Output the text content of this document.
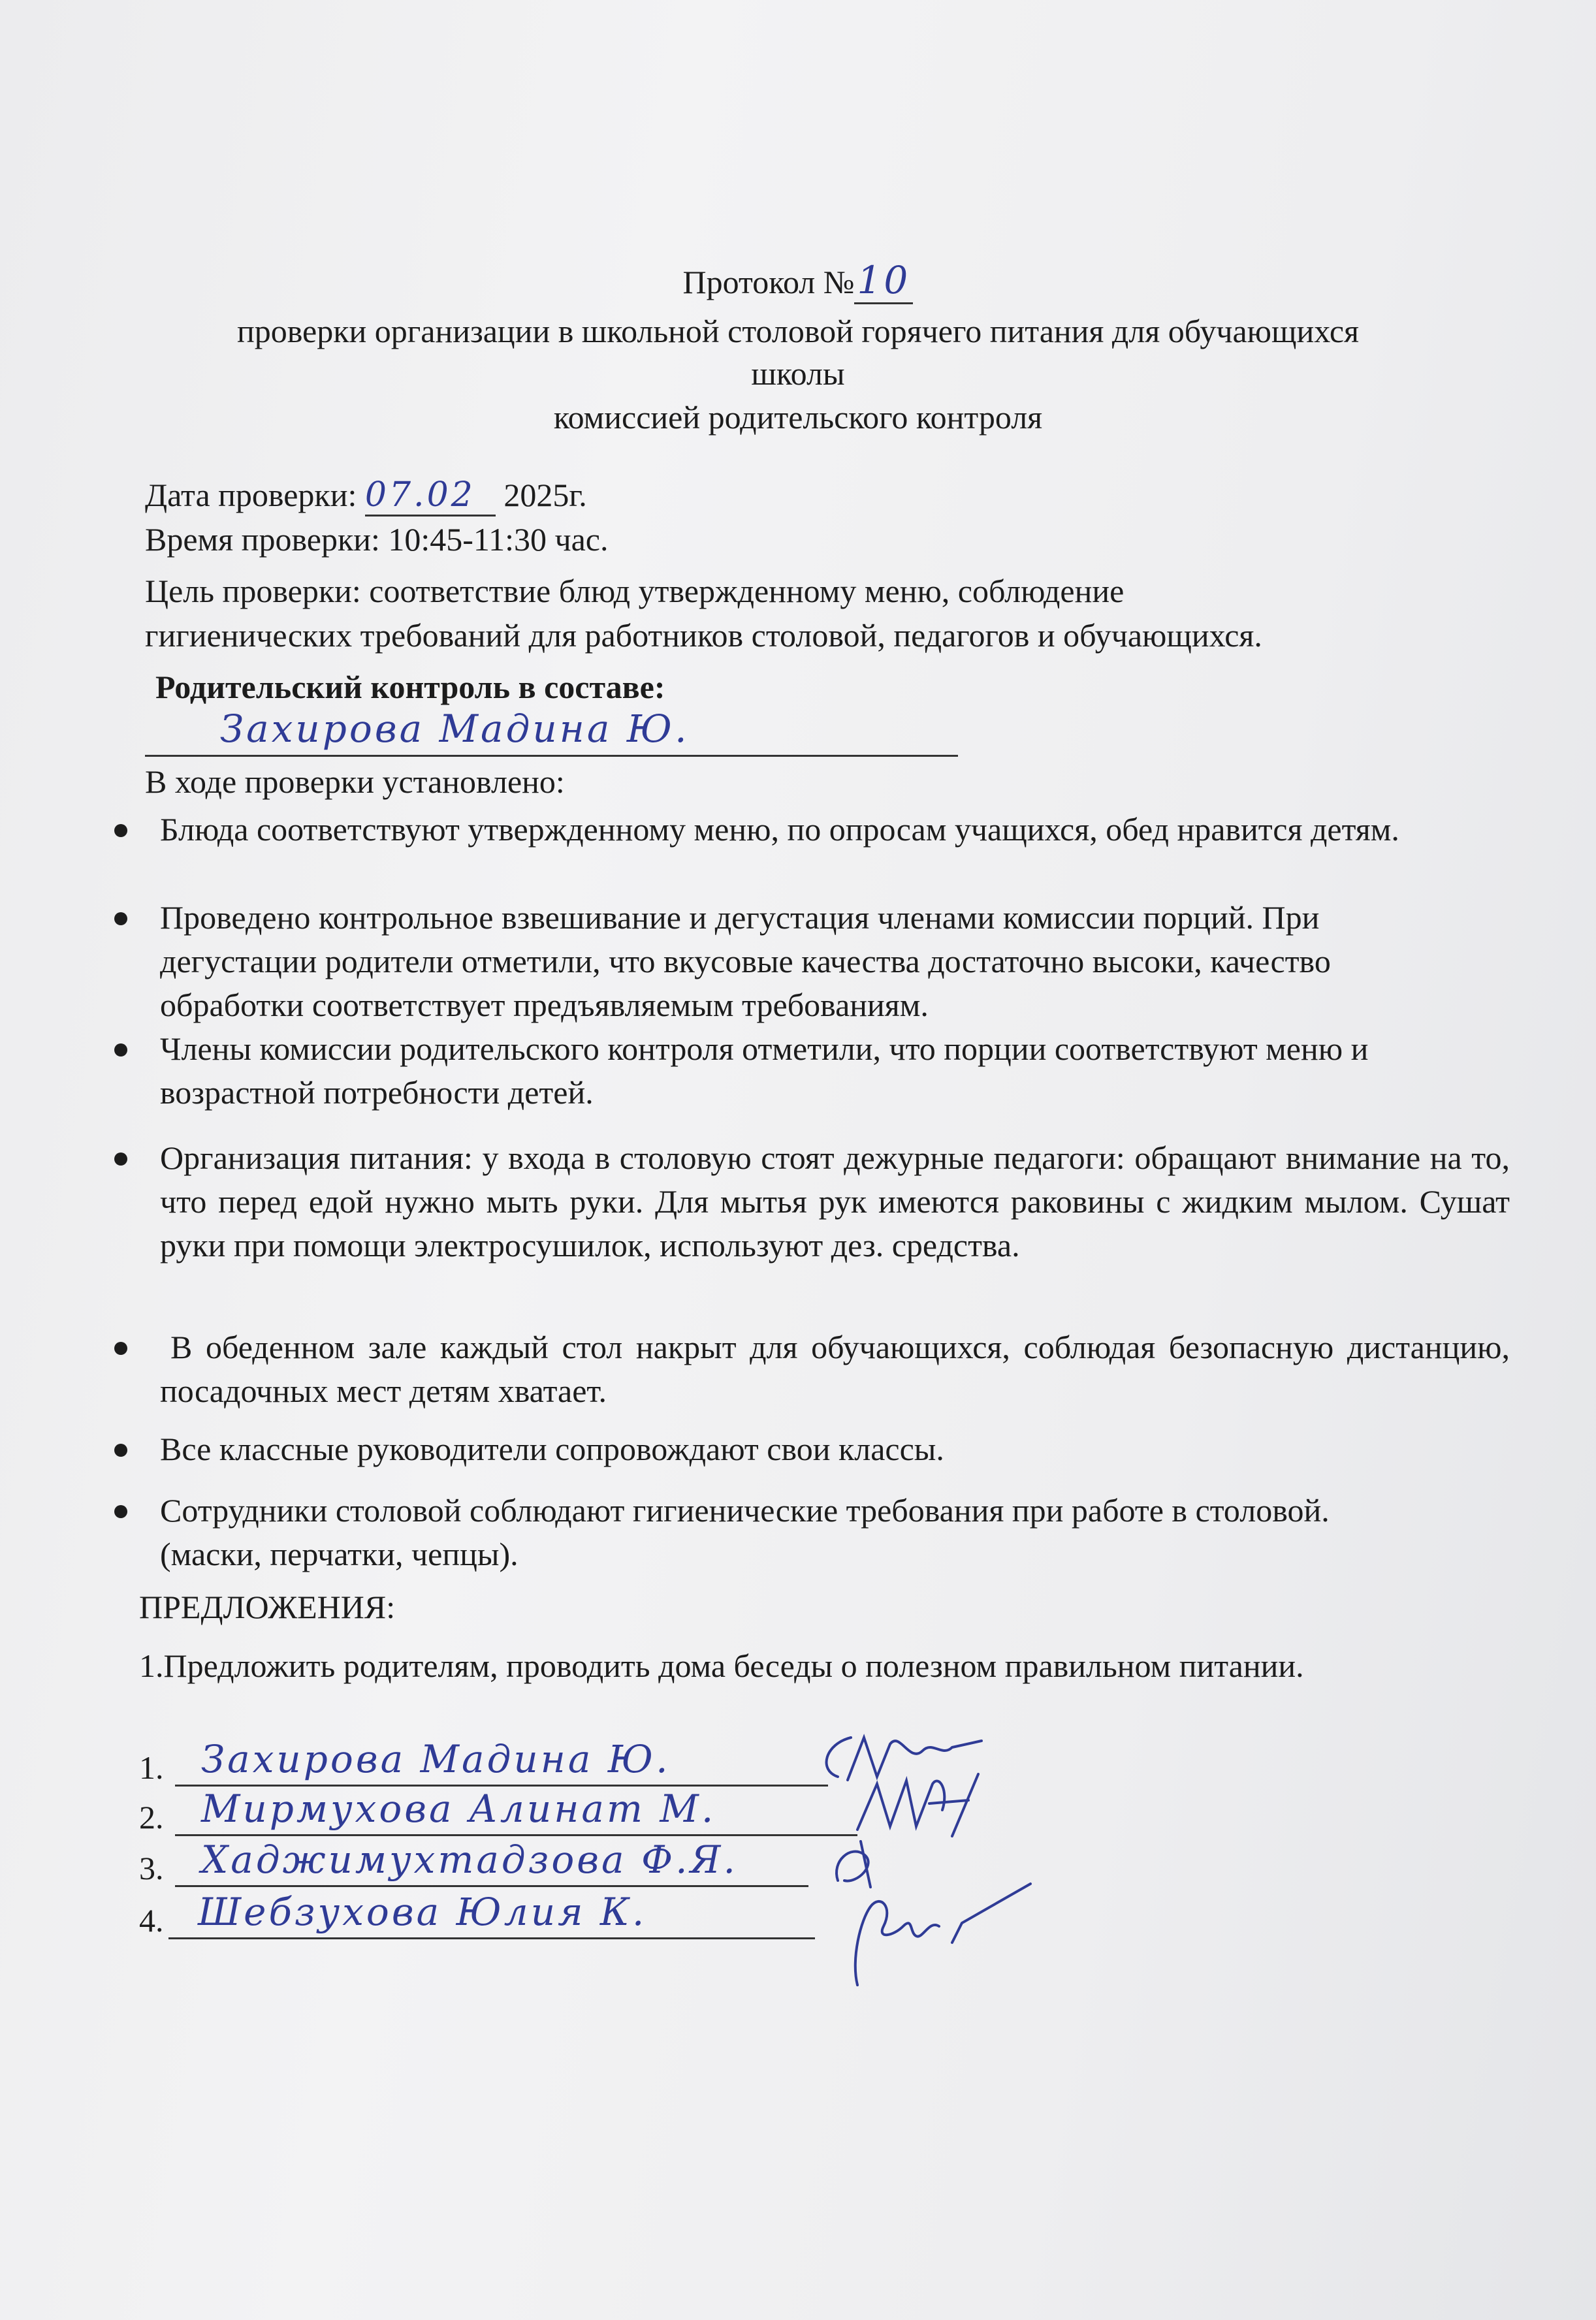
Протокол №10
проверки организации в школьной столовой горячего питания для обучающихся
школы
комиссией родительского контроля
Дата проверки: 07.02 2025г.
Время проверки: 10:45-11:30 час.
Цель проверки: соответствие блюд утвержденному меню, соблюдение
гигиенических требований для работников столовой, педагогов и обучающихся.
Родительский контроль в составе:
Захирова Мадина Ю.
В ходе проверки установлено:
Блюда соответствуют утвержденному меню, по опросам учащихся, обед нравится детям.
Проведено контрольное взвешивание и дегустация членами комиссии порций. При дегустации родители отметили, что вкусовые качества достаточно высоки, качество обработки соответствует предъявляемым требованиям.
Члены комиссии родительского контроля отметили, что порции соответствуют меню и возрастной потребности детей.
Организация питания: у входа в столовую стоят дежурные педагоги: обращают внимание на то, что перед едой нужно мыть руки. Для мытья рук имеются раковины с жидким мылом. Сушат руки при помощи электросушилок, используют дез. средства.
В обеденном зале каждый стол накрыт для обучающихся, соблюдая безопасную дистанцию, посадочных мест детям хватает.
Все классные руководители сопровождают свои классы.
Сотрудники столовой соблюдают гигиенические требования при работе в столовой. (маски, перчатки, чепцы).
ПРЕДЛОЖЕНИЯ:
1.Предложить родителям, проводить дома беседы о полезном правильном питании.
1. Захирова Мадина Ю.
2. Мирмухова Алинат М.
3. Хаджимухтадзова Ф.Я.
4. Шебзухова Юлия К.
